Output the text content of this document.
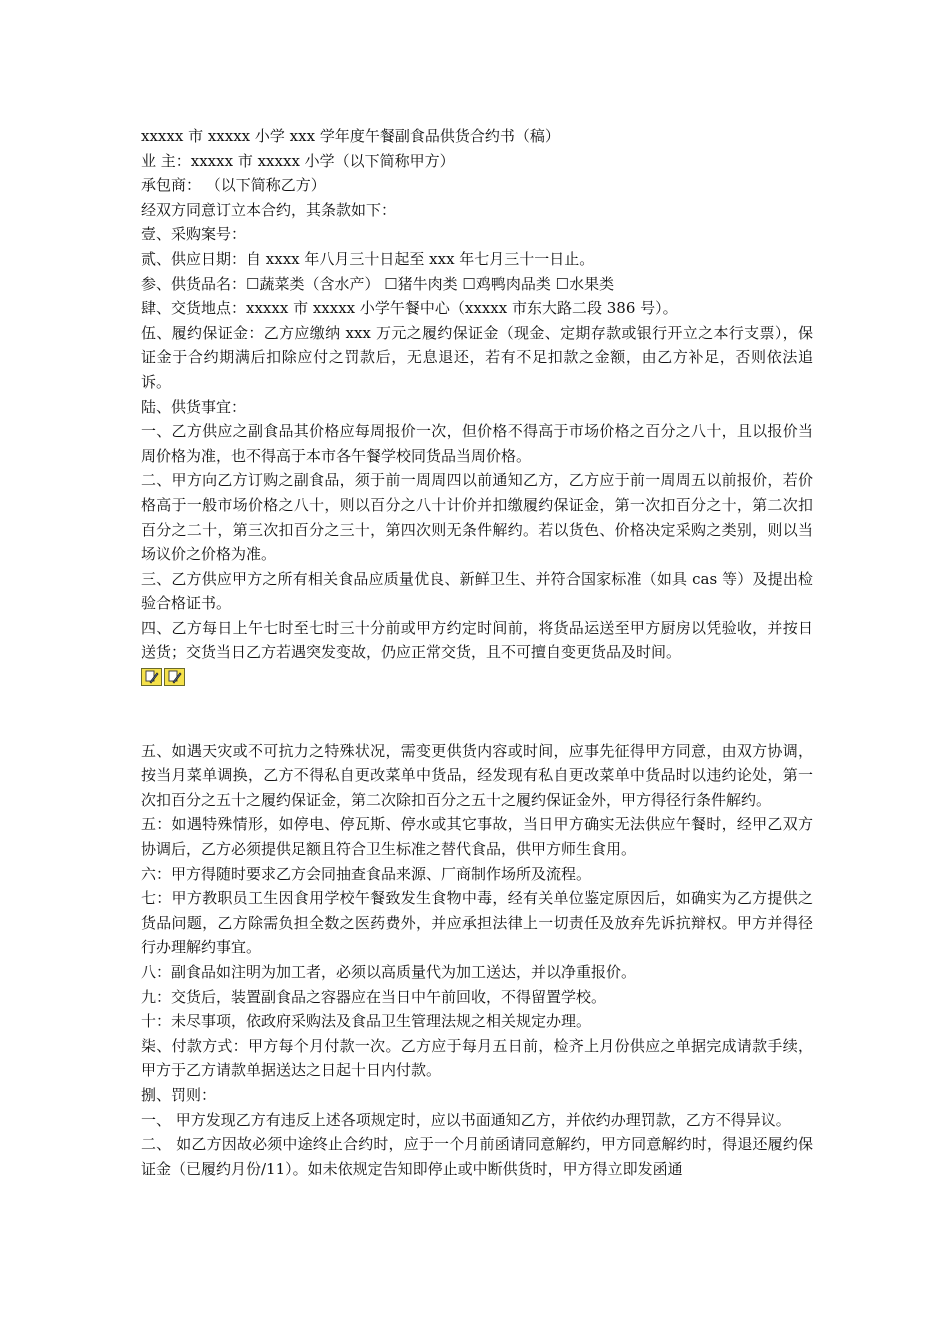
xxxxx 市 xxxxx 小学 xxx 学年度午餐副食品供货合约书（稿）
业 主：xxxxx 市 xxxxx 小学（以下简称甲方）
承包商： （以下简称乙方）
经双方同意订立本合约，其条款如下：
壹、采购案号：
贰、供应日期：自 xxxx 年八月三十日起至 xxx 年七月三十一日止。
参、供货品名：☐蔬菜类（含水产） ☐猪牛肉类 ☐鸡鸭肉品类 ☐水果类
肆、交货地点：xxxxx 市 xxxxx 小学午餐中心（xxxxx 市东大路二段 386 号）。

伍、履约保证金：乙方应缴纳 xxx 万元之履约保证金（现金、定期存款或银行开立之本行支票），保证金于合约期满后扣除应付之罚款后，无息退还，若有不足扣款之金额，由乙方补足，否则依法追诉。

陆、供货事宜：

一、乙方供应之副食品其价格应每周报价一次，但价格不得高于市场价格之百分之八十，且以报价当周价格为准，也不得高于本市各午餐学校同货品当周价格。

二、甲方向乙方订购之副食品，须于前一周周四以前通知乙方，乙方应于前一周周五以前报价，若价格高于一般市场价格之八十，则以百分之八十计价并扣缴履约保证金，第一次扣百分之十，第二次扣百分之二十，第三次扣百分之三十，第四次则无条件解约。若以货色、价格决定采购之类别，则以当场议价之价格为准。

三、乙方供应甲方之所有相关食品应质量优良、新鲜卫生、并符合国家标准（如具 cas 等）及提出检验合格证书。

四、乙方每日上午七时至七时三十分前或甲方约定时间前，将货品运送至甲方厨房以凭验收，并按日送货；交货当日乙方若遇突发变故，仍应正常交货，且不可擅自变更货品及时间。

五、如遇天灾或不可抗力之特殊状况，需变更供货内容或时间，应事先征得甲方同意，由双方协调，按当月菜单调换，乙方不得私自更改菜单中货品，经发现有私自更改菜单中货品时以违约论处，第一次扣百分之五十之履约保证金，第二次除扣百分之五十之履约保证金外，甲方得径行条件解约。

五：如遇特殊情形，如停电、停瓦斯、停水或其它事故，当日甲方确实无法供应午餐时，经甲乙双方协调后，乙方必须提供足额且符合卫生标准之替代食品，供甲方师生食用。

六：甲方得随时要求乙方会同抽查食品来源、厂商制作场所及流程。

七：甲方教职员工生因食用学校午餐致发生食物中毒，经有关单位鉴定原因后，如确实为乙方提供之货品问题，乙方除需负担全数之医药费外，并应承担法律上一切责任及放弃先诉抗辩权。甲方并得径行办理解约事宜。

八：副食品如注明为加工者，必须以高质量代为加工送达，并以净重报价。
九：交货后，装置副食品之容器应在当日中午前回收，不得留置学校。
十：未尽事项，依政府采购法及食品卫生管理法规之相关规定办理。

柒、付款方式：甲方每个月付款一次。乙方应于每月五日前，检齐上月份供应之单据完成请款手续，甲方于乙方请款单据送达之日起十日内付款。

捌、罚则：

一、 甲方发现乙方有违反上述各项规定时，应以书面通知乙方，并依约办理罚款，乙方不得异议。

二、 如乙方因故必须中途终止合约时，应于一个月前函请同意解约，甲方同意解约时，得退还履约保证金（已履约月份/11）。如未依规定告知即停止或中断供货时，甲方得立即发函通
